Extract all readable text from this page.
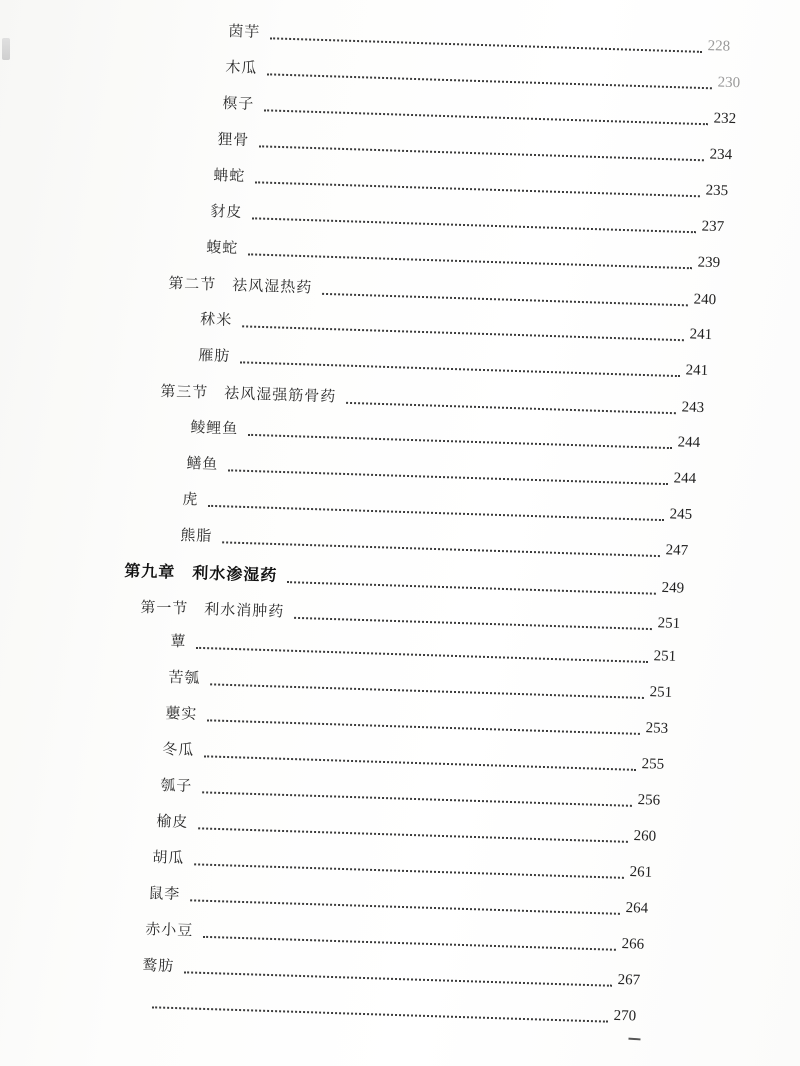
茵芋
228
木瓜
230
榠子
232
狸骨
234
蚺蛇
235
豺皮
237
蝮蛇
239
第二节　祛风湿热药
240
秫米
241
雁肪
241
第三节　祛风湿强筋骨药
243
鲮鲤鱼
244
鳝鱼
244
虎
245
熊脂
247
第九章　利水渗湿药
249
第一节　利水消肿药
251
蕈
251
苦瓠
251
蘡实
253
冬瓜
255
瓠子
256
榆皮
260
胡瓜
261
鼠李
264
赤小豆
266
鹜肪
267
270
